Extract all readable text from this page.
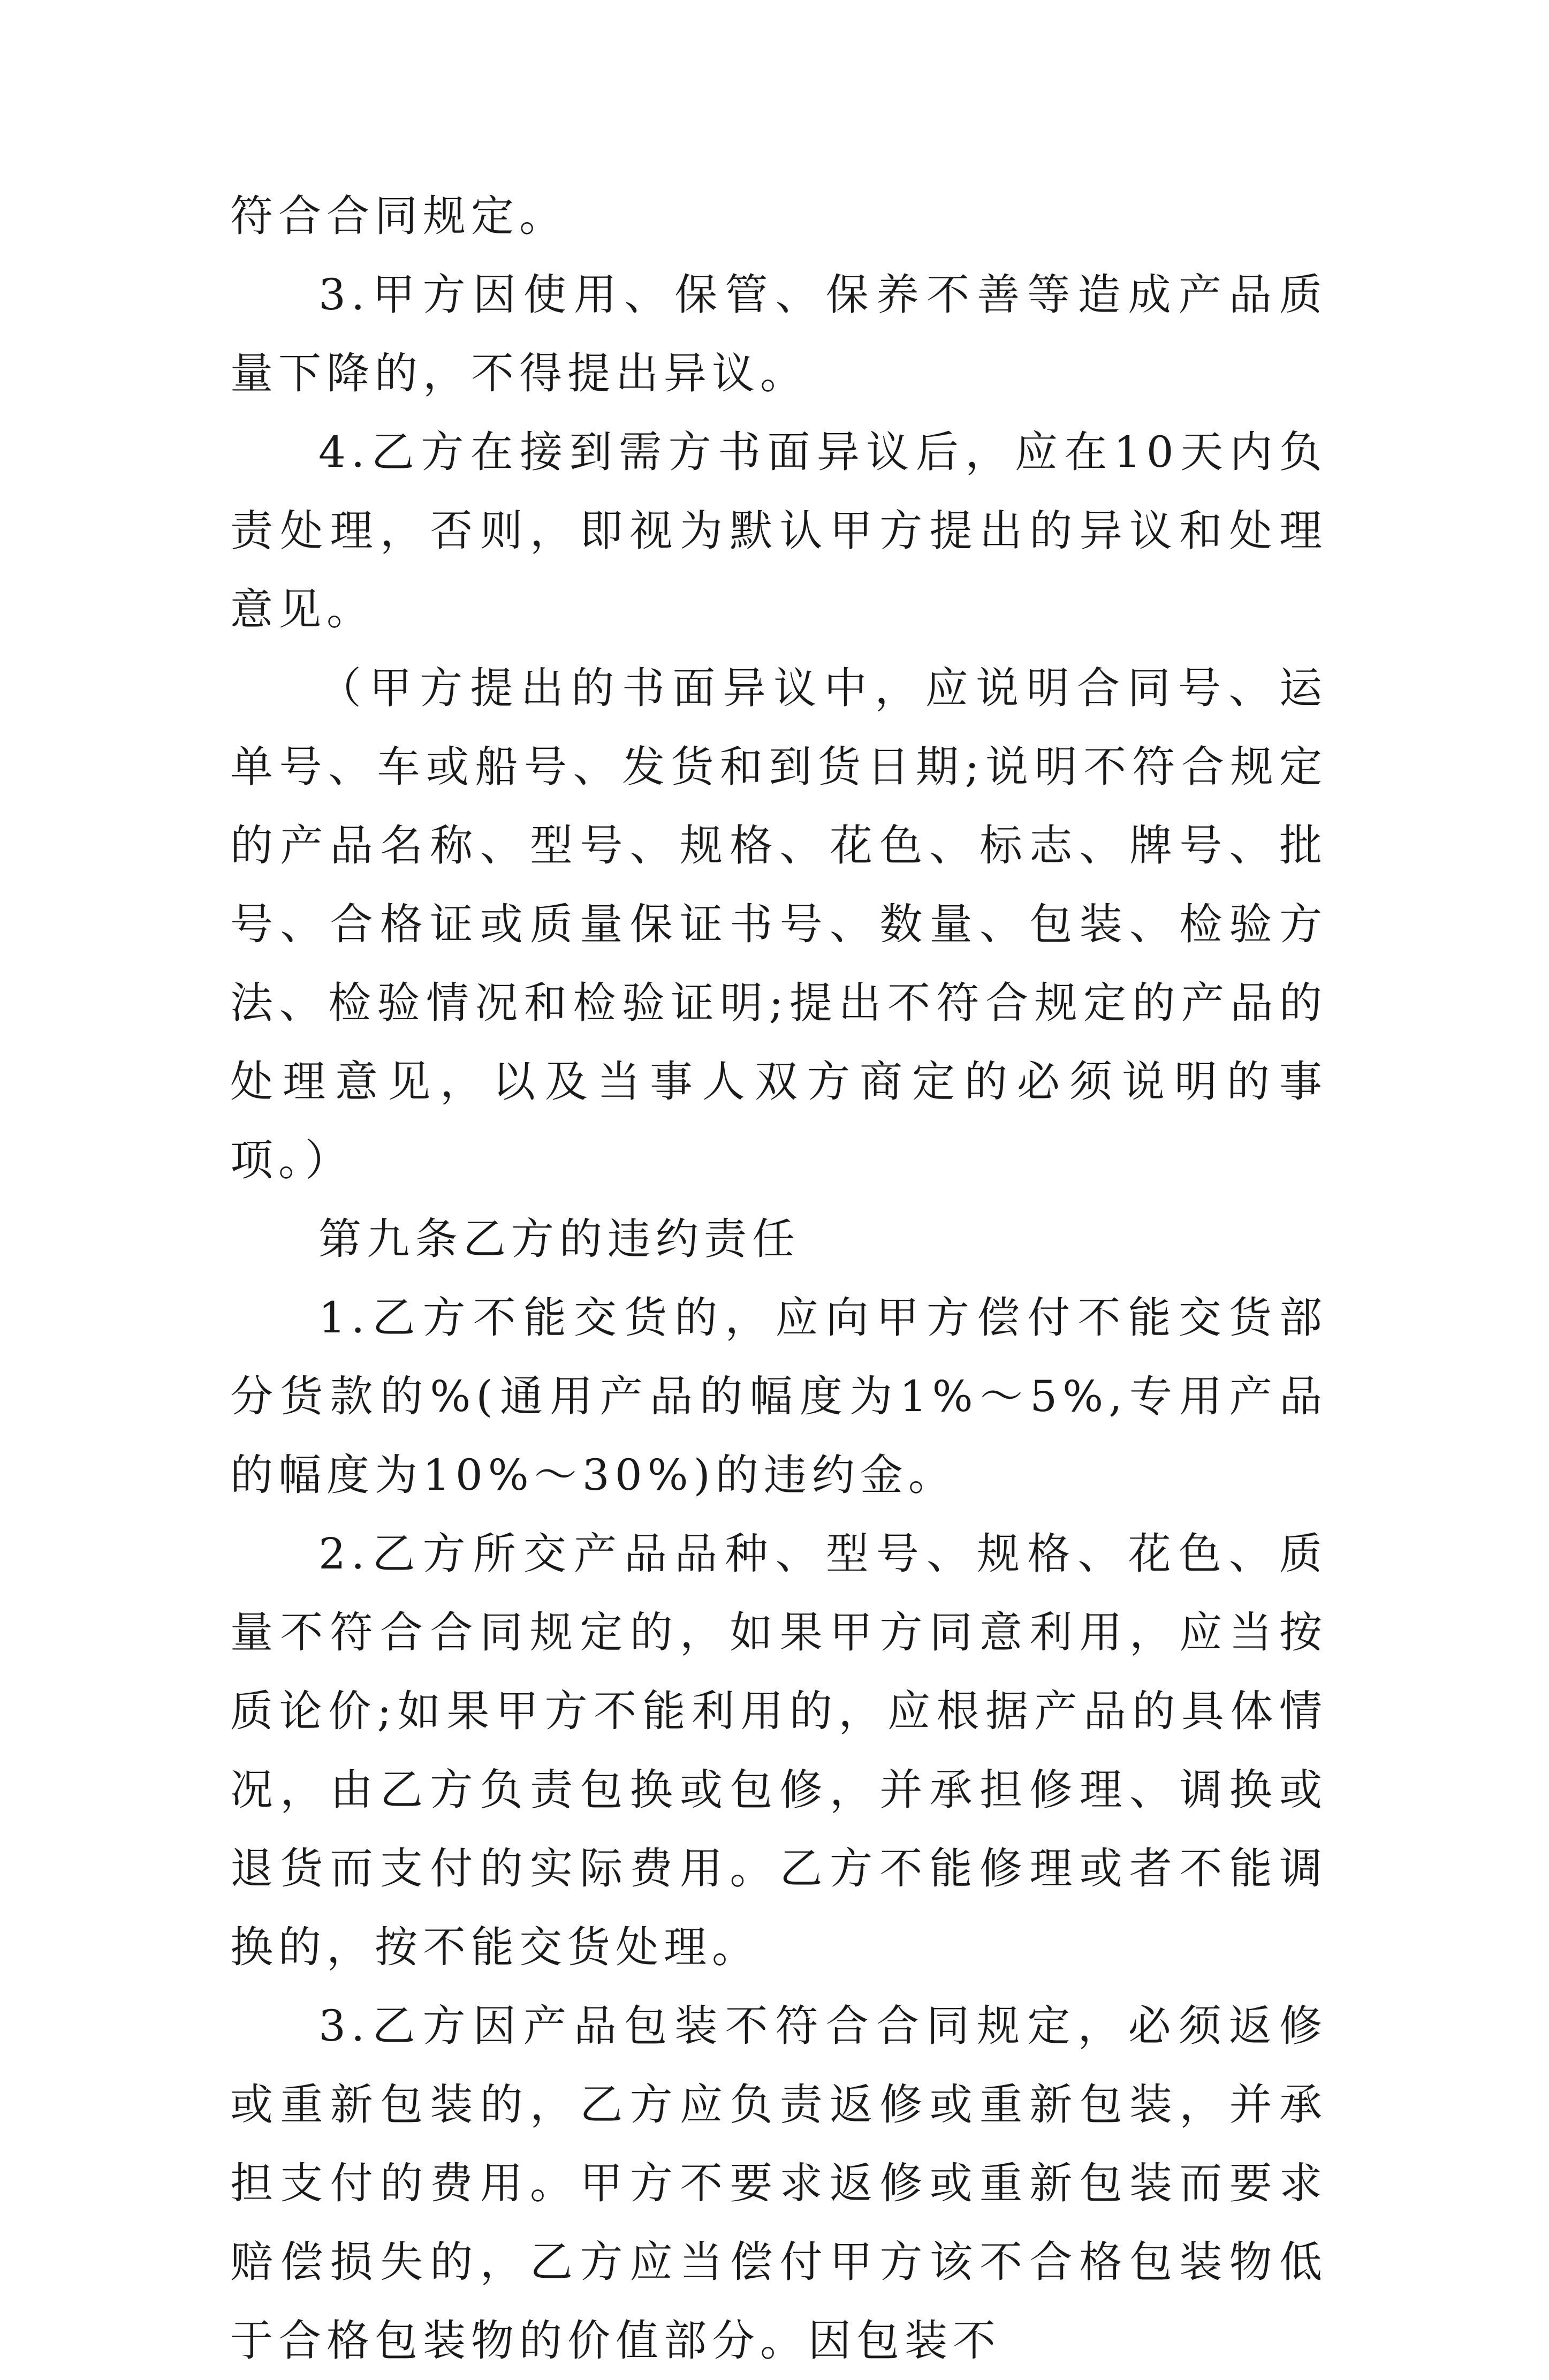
符合合同规定。

3.甲方因使用、保管、保养不善等造成产品质量下降的，不得提出异议。

4.乙方在接到需方书面异议后，应在10天内负责处理，否则，即视为默认甲方提出的异议和处理意见。

（甲方提出的书面异议中，应说明合同号、运单号、车或船号、发货和到货日期;说明不符合规定的产品名称、型号、规格、花色、标志、牌号、批号、合格证或质量保证书号、数量、包装、检验方法、检验情况和检验证明;提出不符合规定的产品的处理意见，以及当事人双方商定的必须说明的事项。）

第九条乙方的违约责任

1.乙方不能交货的，应向甲方偿付不能交货部分货款的%(通用产品的幅度为1%～5%,专用产品的幅度为10%～30%)的违约金。

2.乙方所交产品品种、型号、规格、花色、质量不符合合同规定的，如果甲方同意利用，应当按质论价;如果甲方不能利用的，应根据产品的具体情况，由乙方负责包换或包修，并承担修理、调换或退货而支付的实际费用。乙方不能修理或者不能调换的，按不能交货处理。

3.乙方因产品包装不符合合同规定，必须返修或重新包装的，乙方应负责返修或重新包装，并承担支付的费用。甲方不要求返修或重新包装而要求赔偿损失的，乙方应当偿付甲方该不合格包装物低于合格包装物的价值部分。因包装不
